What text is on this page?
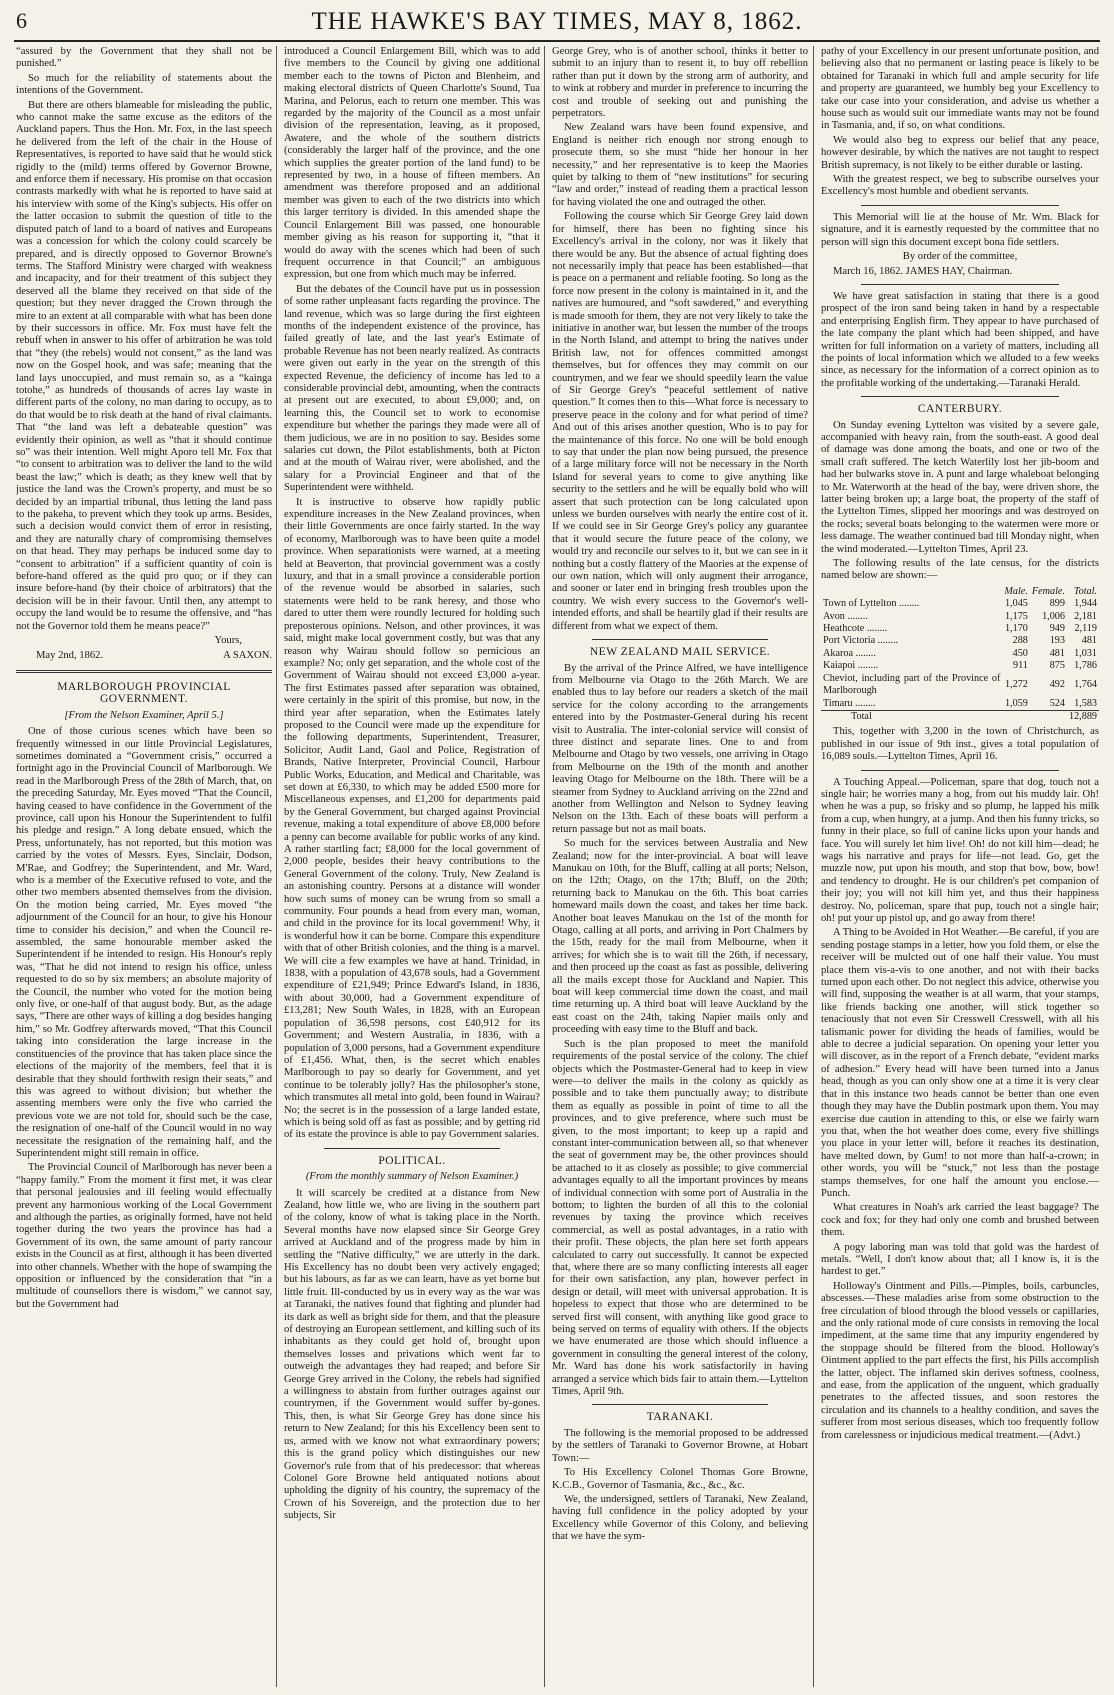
6	THE HAWKE'S BAY TIMES, MAY 8, 1862.

“assured by the Government that they shall not be punished.”

So much for the reliability of statements about the intentions of the Government.

But there are others blameable for misleading the public, who cannot make the same excuse as the editors of the Auckland papers. Thus the Hon. Mr. Fox, in the last speech he delivered from the left of the chair in the House of Representatives, is reported to have said that he would stick rigidly to the (mild) terms offered by Governor Browne, and enforce them if necessary. His promise on that occasion contrasts markedly with what he is reported to have said at his interview with some of the King's subjects. His offer on the latter occasion to submit the question of title to the disputed patch of land to a board of natives and Europeans was a concession for which the colony could scarcely be prepared, and is directly opposed to Governor Browne's terms. The Stafford Ministry were charged with weakness and incapacity, and for their treatment of this subject they deserved all the blame they received on that side of the question; but they never dragged the Crown through the mire to an extent at all comparable with what has been done by their successors in office. Mr. Fox must have felt the rebuff when in answer to his offer of arbitration he was told that “they (the rebels) would not consent,” as the land was now on the Gospel hook, and was safe; meaning that the land lays unoccupied, and must remain so, as a “kainga totohe,” as hundreds of thousands of acres lay waste in different parts of the colony, no man daring to occupy, as to do that would be to risk death at the hand of rival claimants. That “the land was left a debateable question” was evidently their opinion, as well as “that it should continue so” was their intention. Well might Aporo tell Mr. Fox that “to consent to arbitration was to deliver the land to the wild beast the law;” which is death; as they knew well that by justice the land was the Crown's property, and must be so decided by an impartial tribunal, thus letting the land pass to the pakeha, to prevent which they took up arms. Besides, such a decision would convict them of error in resisting, and they are naturally chary of compromising themselves on that head. They may perhaps be induced some day to “consent to arbitration” if a sufficient quantity of coin is before-hand offered as the quid pro quo; or if they can insure before-hand (by their choice of arbitrators) that the decision will be in their favour. Until then, any attempt to occupy the land would be to resume the offensive, and “has not the Governor told them he means peace?”

Yours,

May 2nd, 1862.	A SAXON.

MARLBOROUGH PROVINCIAL GOVERNMENT.

[From the Nelson Examiner, April 5.]

One of those curious scenes which have been so frequently witnessed in our little Provincial Legislatures, sometimes dominated a “Government crisis,” occurred a fortnight ago in the Provincial Council of Marlborough. We read in the Marlborough Press of the 28th of March, that, on the preceding Saturday, Mr. Eyes moved “That the Council, having ceased to have confidence in the Government of the province, call upon his Honour the Superintendent to fulfil his pledge and resign.” A long debate ensued, which the Press, unfortunately, has not reported, but this motion was carried by the votes of Messrs. Eyes, Sinclair, Dodson, M'Rae, and Godfrey; the Superintendent, and Mr. Ward, who is a member of the Executive refused to vote, and the other two members absented themselves from the division. On the motion being carried, Mr. Eyes moved “the adjournment of the Council for an hour, to give his Honour time to consider his decision,” and when the Council re-assembled, the same honourable member asked the Superintendent if he intended to resign. His Honour's reply was, “That he did not intend to resign his office, unless requested to do so by six members; an absolute majority of the Council, the number who voted for the motion being only five, or one-half of that august body. But, as the adage says, “There are other ways of killing a dog besides hanging him,” so Mr. Godfrey afterwards moved, “That this Council taking into consideration the large increase in the constituencies of the province that has taken place since the elections of the majority of the members, feel that it is desirable that they should forthwith resign their seats,” and this was agreed to without division; but whether the assenting members were only the five who carried the previous vote we are not told for, should such be the case, the resignation of one-half of the Council would in no way necessitate the resignation of the remaining half, and the Superintendent might still remain in office.

The Provincial Council of Marlborough has never been a “happy family.” From the moment it first met, it was clear that personal jealousies and ill feeling would effectually prevent any harmonious working of the Local Government and although the parties, as originally formed, have not held together during the two years the province has had a Government of its own, the same amount of party rancour exists in the Council as at first, although it has been diverted into other channels. Whether with the hope of swamping the opposition or influenced by the consideration that “in a multitude of counsellors there is wisdom,” we cannot say, but the Government had

introduced a Council Enlargement Bill, which was to add five members to the Council by giving one additional member each to the towns of Picton and Blenheim, and making electoral districts of Queen Charlotte's Sound, Tua Marina, and Pelorus, each to return one member. This was regarded by the majority of the Council as a most unfair division of the representation, leaving, as it proposed, Awatere, and the whole of the southern districts (considerably the larger half of the province, and the one which supplies the greater portion of the land fund) to be represented by two, in a house of fifteen members. An amendment was therefore proposed and an additional member was given to each of the two districts into which this larger territory is divided. In this amended shape the Council Enlargement Bill was passed, one honourable member giving as his reason for supporting it, “that it would do away with the scenes which had been of such frequent occurrence in that Council;” an ambiguous expression, but one from which much may be inferred.

But the debates of the Council have put us in possession of some rather unpleasant facts regarding the province. The land revenue, which was so large during the first eighteen months of the independent existence of the province, has failed greatly of late, and the last year's Estimate of probable Revenue has not been nearly realized. As contracts were given out early in the year on the strength of this expected Revenue, the deficiency of income has led to a considerable provincial debt, amounting, when the contracts at present out are executed, to about £9,000; and, on learning this, the Council set to work to economise expenditure but whether the parings they made were all of them judicious, we are in no position to say. Besides some salaries cut down, the Pilot establishments, both at Picton and at the mouth of Wairau river, were abolished, and the salary for a Provincial Engineer and that of the Superintendent were withheld.

It is instructive to observe how rapidly public expenditure increases in the New Zealand provinces, when their little Governments are once fairly started. In the way of economy, Marlborough was to have been quite a model province. When separationists were warned, at a meeting held at Beaverton, that provincial government was a costly luxury, and that in a small province a considerable portion of the revenue would be absorbed in salaries, such statements were held to be rank heresy, and those who dared to utter them were roundly lectured for holding such preposterous opinions. Nelson, and other provinces, it was said, might make local government costly, but was that any reason why Wairau should follow so pernicious an example? No; only get separation, and the whole cost of the Government of Wairau should not exceed £3,000 a-year. The first Estimates passed after separation was obtained, were certainly in the spirit of this promise, but now, in the third year after separation, when the Estimates lately proposed to the Council were made up the expenditure for the following departments, Superintendent, Treasurer, Solicitor, Audit Land, Gaol and Police, Registration of Brands, Native Interpreter, Provincial Council, Harbour Public Works, Education, and Medical and Charitable, was set down at £6,330, to which may be added £500 more for Miscellaneous expenses, and £1,200 for departments paid by the General Government, but charged against Provincial revenue, making a total expenditure of above £8,000 before a penny can become available for public works of any kind. A rather startling fact; £8,000 for the local government of 2,000 people, besides their heavy contributions to the General Government of the colony. Truly, New Zealand is an astonishing country. Persons at a distance will wonder how such sums of money can be wrung from so small a community. Four pounds a head from every man, woman, and child in the province for its local government! Why, it is wonderful how it can be borne. Compare this expenditure with that of other British colonies, and the thing is a marvel. We will cite a few examples we have at hand. Trinidad, in 1838, with a population of 43,678 souls, had a Government expenditure of £21,949; Prince Edward's Island, in 1836, with about 30,000, had a Government expenditure of £13,281; New South Wales, in 1828, with an European population of 36,598 persons, cost £40,912 for its Government; and Western Australia, in 1836, with a population of 3,000 persons, had a Government expenditure of £1,456. What, then, is the secret which enables Marlborough to pay so dearly for Government, and yet continue to be tolerably jolly? Has the philosopher's stone, which transmutes all metal into gold, been found in Wairau? No; the secret is in the possession of a large landed estate, which is being sold off as fast as possible; and by getting rid of its estate the province is able to pay Government salaries.

POLITICAL.

(From the monthly summary of Nelson Examiner.)

It will scarcely be credited at a distance from New Zealand, how little we, who are living in the southern part of the colony, know of what is taking place in the North. Several months have now elapsed since Sir George Grey arrived at Auckland and of the progress made by him in settling the “Native difficulty,” we are utterly in the dark. His Excellency has no doubt been very actively engaged; but his labours, as far as we can learn, have as yet borne but little fruit. Ill-conducted by us in every way as the war was at Taranaki, the natives found that fighting and plunder had its dark as well as bright side for them, and that the pleasure of destroying an European settlement, and killing such of its inhabitants as they could get hold of, brought upon themselves losses and privations which went far to outweigh the advantages they had reaped; and before Sir George Grey arrived in the Colony, the rebels had signified a willingness to abstain from further outrages against our countrymen, if the Government would suffer by-gones. This, then, is what Sir George Grey has done since his return to New Zealand; for this his Excellency been sent to us, armed with we know not what extraordinary powers; this is the grand policy which distinguishes our new Governor's rule from that of his predecessor: that whereas Colonel Gore Browne held antiquated notions about upholding the dignity of his country, the supremacy of the Crown of his Sovereign, and the protection due to her subjects, Sir

George Grey, who is of another school, thinks it better to submit to an injury than to resent it, to buy off rebellion rather than put it down by the strong arm of authority, and to wink at robbery and murder in preference to incurring the cost and trouble of seeking out and punishing the perpetrators.

New Zealand wars have been found expensive, and England is neither rich enough nor strong enough to prosecute them, so she must “hide her honour in her necessity,” and her representative is to keep the Maories quiet by talking to them of “new institutions” for securing “law and order,” instead of reading them a practical lesson for having violated the one and outraged the other.

Following the course which Sir George Grey laid down for himself, there has been no fighting since his Excellency's arrival in the colony, nor was it likely that there would be any. But the absence of actual fighting does not necessarily imply that peace has been established—that is peace on a permanent and reliable footing. So long as the force now present in the colony is maintained in it, and the natives are humoured, and “soft sawdered,” and everything is made smooth for them, they are not very likely to take the initiative in another war, but lessen the number of the troops in the North Island, and attempt to bring the natives under British law, not for offences committed amongst themselves, but for offences they may commit on our countrymen, and we fear we should speedily learn the value of Sir George Grey's “peaceful settlement of native question.” It comes then to this—What force is necessary to preserve peace in the colony and for what period of time? And out of this arises another question, Who is to pay for the maintenance of this force. No one will be bold enough to say that under the plan now being pursued, the presence of a large military force will not be necessary in the North Island for several years to come to give anything like security to the settlers and he will be equally bold who will assert that such protection can be long calculated upon unless we burden ourselves with nearly the entire cost of it. If we could see in Sir George Grey's policy any guarantee that it would secure the future peace of the colony, we would try and reconcile our selves to it, but we can see in it nothing but a costly flattery of the Maories at the expense of our own nation, which will only augment their arrogance, and sooner or later end in bringing fresh troubles upon the country. We wish every success to the Governor's well-intended efforts, and shall be heartily glad if their results are different from what we expect of them.

NEW ZEALAND MAIL SERVICE.

By the arrival of the Prince Alfred, we have intelligence from Melbourne via Otago to the 26th March. We are enabled thus to lay before our readers a sketch of the mail service for the colony according to the arrangements entered into by the Postmaster-General during his recent visit to Australia. The inter-colonial service will consist of three distinct and separate lines. One to and from Melbourne and Otago by two vessels, one arriving in Otago from Melbourne on the 19th of the month and another leaving Otago for Melbourne on the 18th. There will be a steamer from Sydney to Auckland arriving on the 22nd and another from Wellington and Nelson to Sydney leaving Nelson on the 13th. Each of these boats will perform a return passage but not as mail boats.

So much for the services between Australia and New Zealand; now for the inter-provincial. A boat will leave Manukau on 10th, for the Bluff, calling at all ports; Nelson, on the 12th; Otago, on the 17th; Bluff, on the 20th; returning back to Manukau on the 6th. This boat carries homeward mails down the coast, and takes her time back. Another boat leaves Manukau on the 1st of the month for Otago, calling at all ports, and arriving in Port Chalmers by the 15th, ready for the mail from Melbourne, when it arrives; for which she is to wait till the 26th, if necessary, and then proceed up the coast as fast as possible, delivering all the mails except those for Auckland and Napier. This boat will keep commercial time down the coast, and mail time returning up. A third boat will leave Auckland by the east coast on the 24th, taking Napier mails only and proceeding with easy time to the Bluff and back.

Such is the plan proposed to meet the manifold requirements of the postal service of the colony. The chief objects which the Postmaster-General had to keep in view were—to deliver the mails in the colony as quickly as possible and to take them punctually away; to distribute them as equally as possible in point of time to all the provinces, and to give preference, where such must be given, to the most important; to keep up a rapid and constant inter-communication between all, so that whenever the seat of government may be, the other provinces should be attached to it as closely as possible; to give commercial advantages equally to all the important provinces by means of individual connection with some port of Australia in the bottom; to lighten the burden of all this to the colonial revenues by taxing the province which receives commercial, as well as postal advantages, in a ratio with their profit. These objects, the plan here set forth appears calculated to carry out successfully. It cannot be expected that, where there are so many conflicting interests all eager for their own satisfaction, any plan, however perfect in design or detail, will meet with universal approbation. It is hopeless to expect that those who are determined to be served first will consent, with anything like good grace to being served on terms of equality with others. If the objects we have enumerated are those which should influence a government in consulting the general interest of the colony, Mr. Ward has done his work satisfactorily in having arranged a service which bids fair to attain them.—Lyttelton Times, April 9th.

TARANAKI.

The following is the memorial proposed to be addressed by the settlers of Taranaki to Governor Browne, at Hobart Town:—

To His Excellency Colonel Thomas Gore Browne, K.C.B., Governor of Tasmania, &c., &c., &c.

We, the undersigned, settlers of Taranaki, New Zealand, having full confidence in the policy adopted by your Excellency while Governor of this Colony, and believing that we have the sym-

pathy of your Excellency in our present unfortunate position, and believing also that no permanent or lasting peace is likely to be obtained for Taranaki in which full and ample security for life and property are guaranteed, we humbly beg your Excellency to take our case into your consideration, and advise us whether a house such as would suit our immediate wants may not be found in Tasmania, and, if so, on what conditions.

We would also beg to express our belief that any peace, however desirable, by which the natives are not taught to respect British supremacy, is not likely to be either durable or lasting.

With the greatest respect, we beg to subscribe ourselves your Excellency's most humble and obedient servants.

This Memorial will lie at the house of Mr. Wm. Black for signature, and it is earnestly requested by the committee that no person will sign this document except bona fide settlers.

By order of the committee,

March 16, 1862. JAMES HAY, Chairman.

We have great satisfaction in stating that there is a good prospect of the iron sand being taken in hand by a respectable and enterprising English firm. They appear to have purchased of the late company the plant which had been shipped, and have written for full information on a variety of matters, including all the points of local information which we alluded to a few weeks since, as necessary for the information of a correct opinion as to the profitable working of the undertaking.—Taranaki Herald.

CANTERBURY.

On Sunday evening Lyttelton was visited by a severe gale, accompanied with heavy rain, from the south-east. A good deal of damage was done among the boats, and one or two of the small craft suffered. The ketch Waterlily lost her jib-boom and had her bulwarks stove in. A punt and large whaleboat belonging to Mr. Waterworth at the head of the bay, were driven shore, the latter being broken up; a large boat, the property of the staff of the Lyttelton Times, slipped her moorings and was destroyed on the rocks; several boats belonging to the watermen were more or less damage. The weather continued bad till Monday night, when the wind moderated.—Lyttelton Times, April 23.

The following results of the late census, for the districts named below are shown:—

	Male.	Female.	Total.
Town of Lyttelton ........	1,045	899	1,944
Avon ........	1,175	1,006	2,181
Heathcote ........	1,170	949	2,119
Port Victoria ........	288	193	481
Akaroa ........	450	481	1,031
Kaiapoi ........	911	875	1,786
Cheviot, including part of the Province of Marlborough	1,272	492	1,764
Timaru ........	1,059	524	1,583
Total			12,889

This, together with 3,200 in the town of Christchurch, as published in our issue of 9th inst., gives a total population of 16,089 souls.—Lyttelton Times, April 16.

A Touching Appeal.—Policeman, spare that dog, touch not a single hair; he worries many a hog, from out his muddy lair. Oh! when he was a pup, so frisky and so plump, he lapped his milk from a cup, when hungry, at a jump. And then his funny tricks, so funny in their place, so full of canine licks upon your hands and face. You will surely let him live! Oh! do not kill him—dead; he wags his narrative and prays for life—not lead. Go, get the muzzle now, put upon his mouth, and stop that bow, bow, bow! and tendency to drought. He is our children's pet companion of their joy; you will not kill him yet, and thus their happiness destroy. No, policeman, spare that pup, touch not a single hair; oh! put your up pistol up, and go away from there!

A Thing to be Avoided in Hot Weather.—Be careful, if you are sending postage stamps in a letter, how you fold them, or else the receiver will be mulcted out of one half their value. You must place them vis-a-vis to one another, and not with their backs turned upon each other. Do not neglect this advice, otherwise you will find, supposing the weather is at all warm, that your stamps, like friends backing one another, will stick together so tenaciously that not even Sir Cresswell Cresswell, with all his talismanic power for dividing the heads of families, would be able to decree a judicial separation. On opening your letter you will discover, as in the report of a French debate, “evident marks of adhesion.” Every head will have been turned into a Janus head, though as you can only show one at a time it is very clear that in this instance two heads cannot be better than one even though they may have the Dublin postmark upon them. You may exercise due caution in attending to this, or else we fairly warn you that, when the hot weather does come, every five shillings you place in your letter will, before it reaches its destination, have melted down, by Gum! to not more than half-a-crown; in other words, you will be “stuck,” not less than the postage stamps themselves, for one half the amount you enclose.—Punch.

What creatures in Noah's ark carried the least baggage? The cock and fox; for they had only one comb and brushed between them.

A pogy laboring man was told that gold was the hardest of metals. “Well, I don't know about that; all I know is, it is the hardest to get.”

Holloway's Ointment and Pills.—Pimples, boils, carbuncles, abscesses.—These maladies arise from some obstruction to the free circulation of blood through the blood vessels or capillaries, and the only rational mode of cure consists in removing the local impediment, at the same time that any impurity engendered by the stoppage should be filtered from the blood. Holloway's Ointment applied to the part effects the first, his Pills accomplish the latter, object. The inflamed skin derives softness, coolness, and ease, from the application of the unguent, which gradually penetrates to the affected tissues, and soon restores the circulation and its channels to a healthy condition, and saves the sufferer from most serious diseases, which too frequently follow from carelessness or injudicious medical treatment.—(Advt.)
